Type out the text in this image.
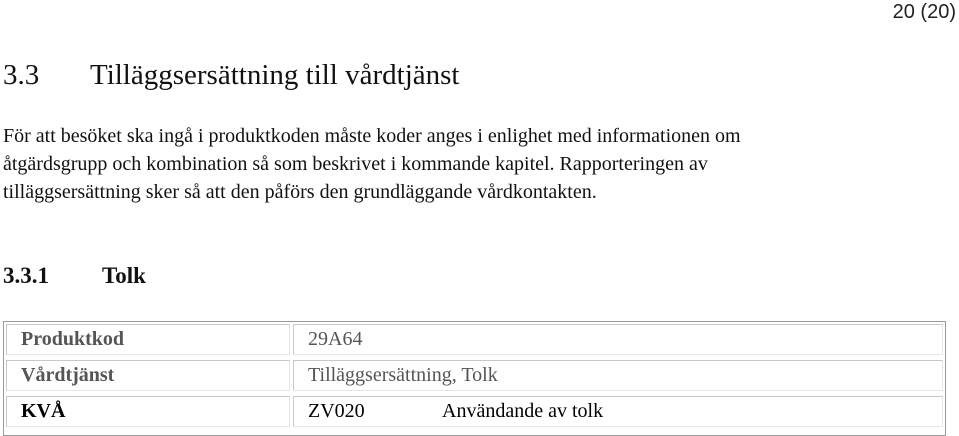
20 (20)
3.3 Tilläggsersättning till vårdtjänst
För att besöket ska ingå i produktkoden måste koder anges i enlighet med informationen om
åtgärdsgrupp och kombination så som beskrivet i kommande kapitel. Rapporteringen av
tilläggsersättning sker så att den påförs den grundläggande vårdkontakten.
3.3.1 Tolk
Produktkod	29A64
Vårdtjänst	Tilläggsersättning, Tolk
KVÅ	ZV020	Användande av tolk
